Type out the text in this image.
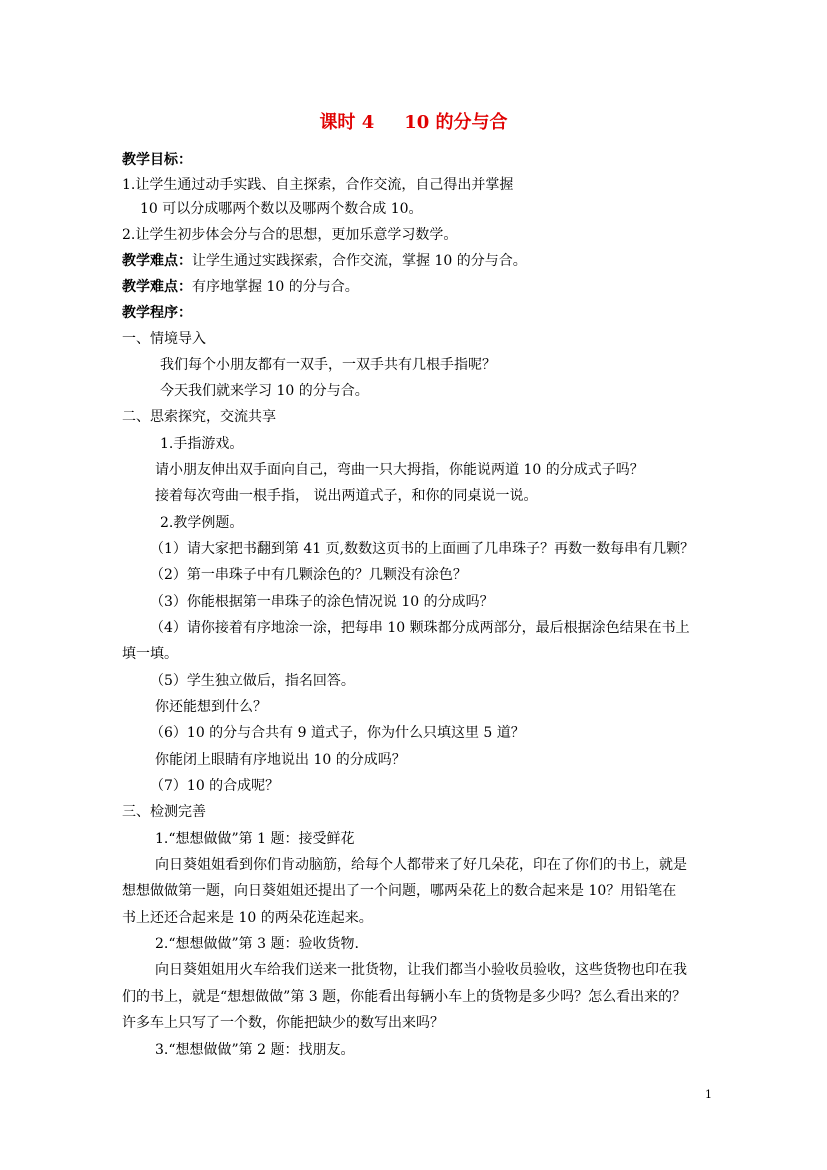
课时 4 10 的分与合
教学目标：
1.让学生通过动手实践、自主探索，合作交流，自己得出并掌握
10 可以分成哪两个数以及哪两个数合成 10。
2.让学生初步体会分与合的思想，更加乐意学习数学。
教学难点：让学生通过实践探索，合作交流，掌握 10 的分与合。
教学难点：有序地掌握 10 的分与合。
教学程序：
一、情境导入
我们每个小朋友都有一双手，一双手共有几根手指呢？
今天我们就来学习 10 的分与合。
二、思索探究，交流共享
1.手指游戏。
请小朋友伸出双手面向自己，弯曲一只大拇指，你能说两道 10 的分成式子吗？
接着每次弯曲一根手指， 说出两道式子，和你的同桌说一说。
2.教学例题。
（1）请大家把书翻到第 41 页,数数这页书的上面画了几串珠子？再数一数每串有几颗？
（2）第一串珠子中有几颗涂色的？几颗没有涂色？
（3）你能根据第一串珠子的涂色情况说 10 的分成吗？
（4）请你接着有序地涂一涂，把每串 10 颗珠都分成两部分，最后根据涂色结果在书上
填一填。
（5）学生独立做后，指名回答。
你还能想到什么？
（6）10 的分与合共有 9 道式子，你为什么只填这里 5 道？
你能闭上眼睛有序地说出 10 的分成吗？
（7）10 的合成呢？
三、检测完善
1.“想想做做”第 1 题：接受鲜花
向日葵姐姐看到你们肯动脑筋，给每个人都带来了好几朵花，印在了你们的书上，就是
想想做做第一题，向日葵姐姐还提出了一个问题，哪两朵花上的数合起来是 10？用铅笔在
书上还还合起来是 10 的两朵花连起来。
2.“想想做做”第 3 题：验收货物.
向日葵姐姐用火车给我们送来一批货物，让我们都当小验收员验收，这些货物也印在我
们的书上，就是“想想做做”第 3 题，你能看出每辆小车上的货物是多少吗？怎么看出来的？
许多车上只写了一个数，你能把缺少的数写出来吗？
3.“想想做做”第 2 题：找朋友。
1
